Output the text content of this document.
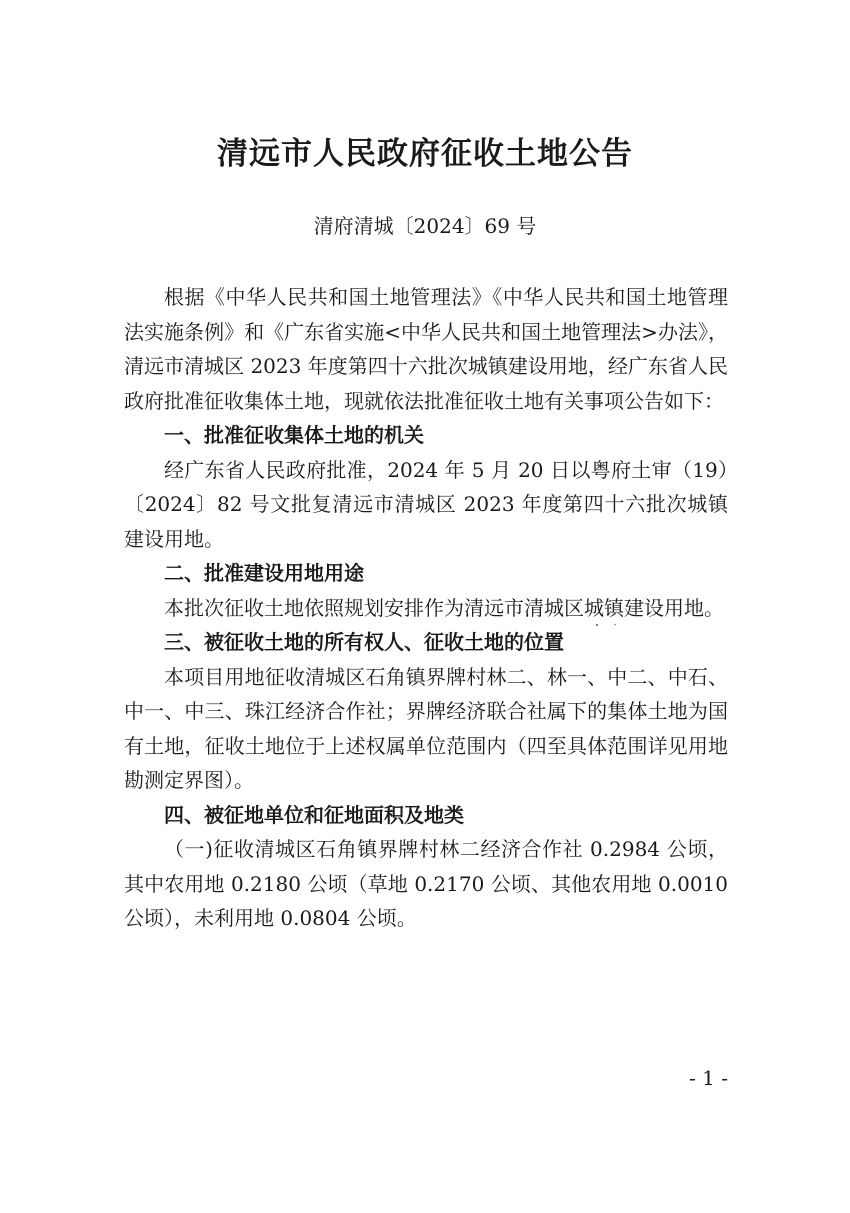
清远市人民政府征收土地公告
清府清城〔2024〕69 号

根据《中华人民共和国土地管理法》《中华人民共和国土地管理法实施条例》和《广东省实施<中华人民共和国土地管理法>办法》，清远市清城区 2023 年度第四十六批次城镇建设用地，经广东省人民政府批准征收集体土地，现就依法批准征收土地有关事项公告如下：

一、批准征收集体土地的机关

经广东省人民政府批准，2024 年 5 月 20 日以粤府土审（19）〔2024〕82 号文批复清远市清城区 2023 年度第四十六批次城镇建设用地。

二、批准建设用地用途

本批次征收土地依照规划安排作为清远市清城区城镇建设用地。

三、被征收土地的所有权人、征收土地的位置

本项目用地征收清城区石角镇界牌村林二、林一、中二、中石、中一、中三、珠江经济合作社；界牌经济联合社属下的集体土地为国有土地，征收土地位于上述权属单位范围内（四至具体范围详见用地勘测定界图）。

四、被征地单位和征地面积及地类

（一)征收清城区石角镇界牌村林二经济合作社 0.2984 公顷，其中农用地 0.2180 公顷（草地 0.2170 公顷、其他农用地 0.0010 公顷），未利用地 0.0804 公顷。

- 1 -
